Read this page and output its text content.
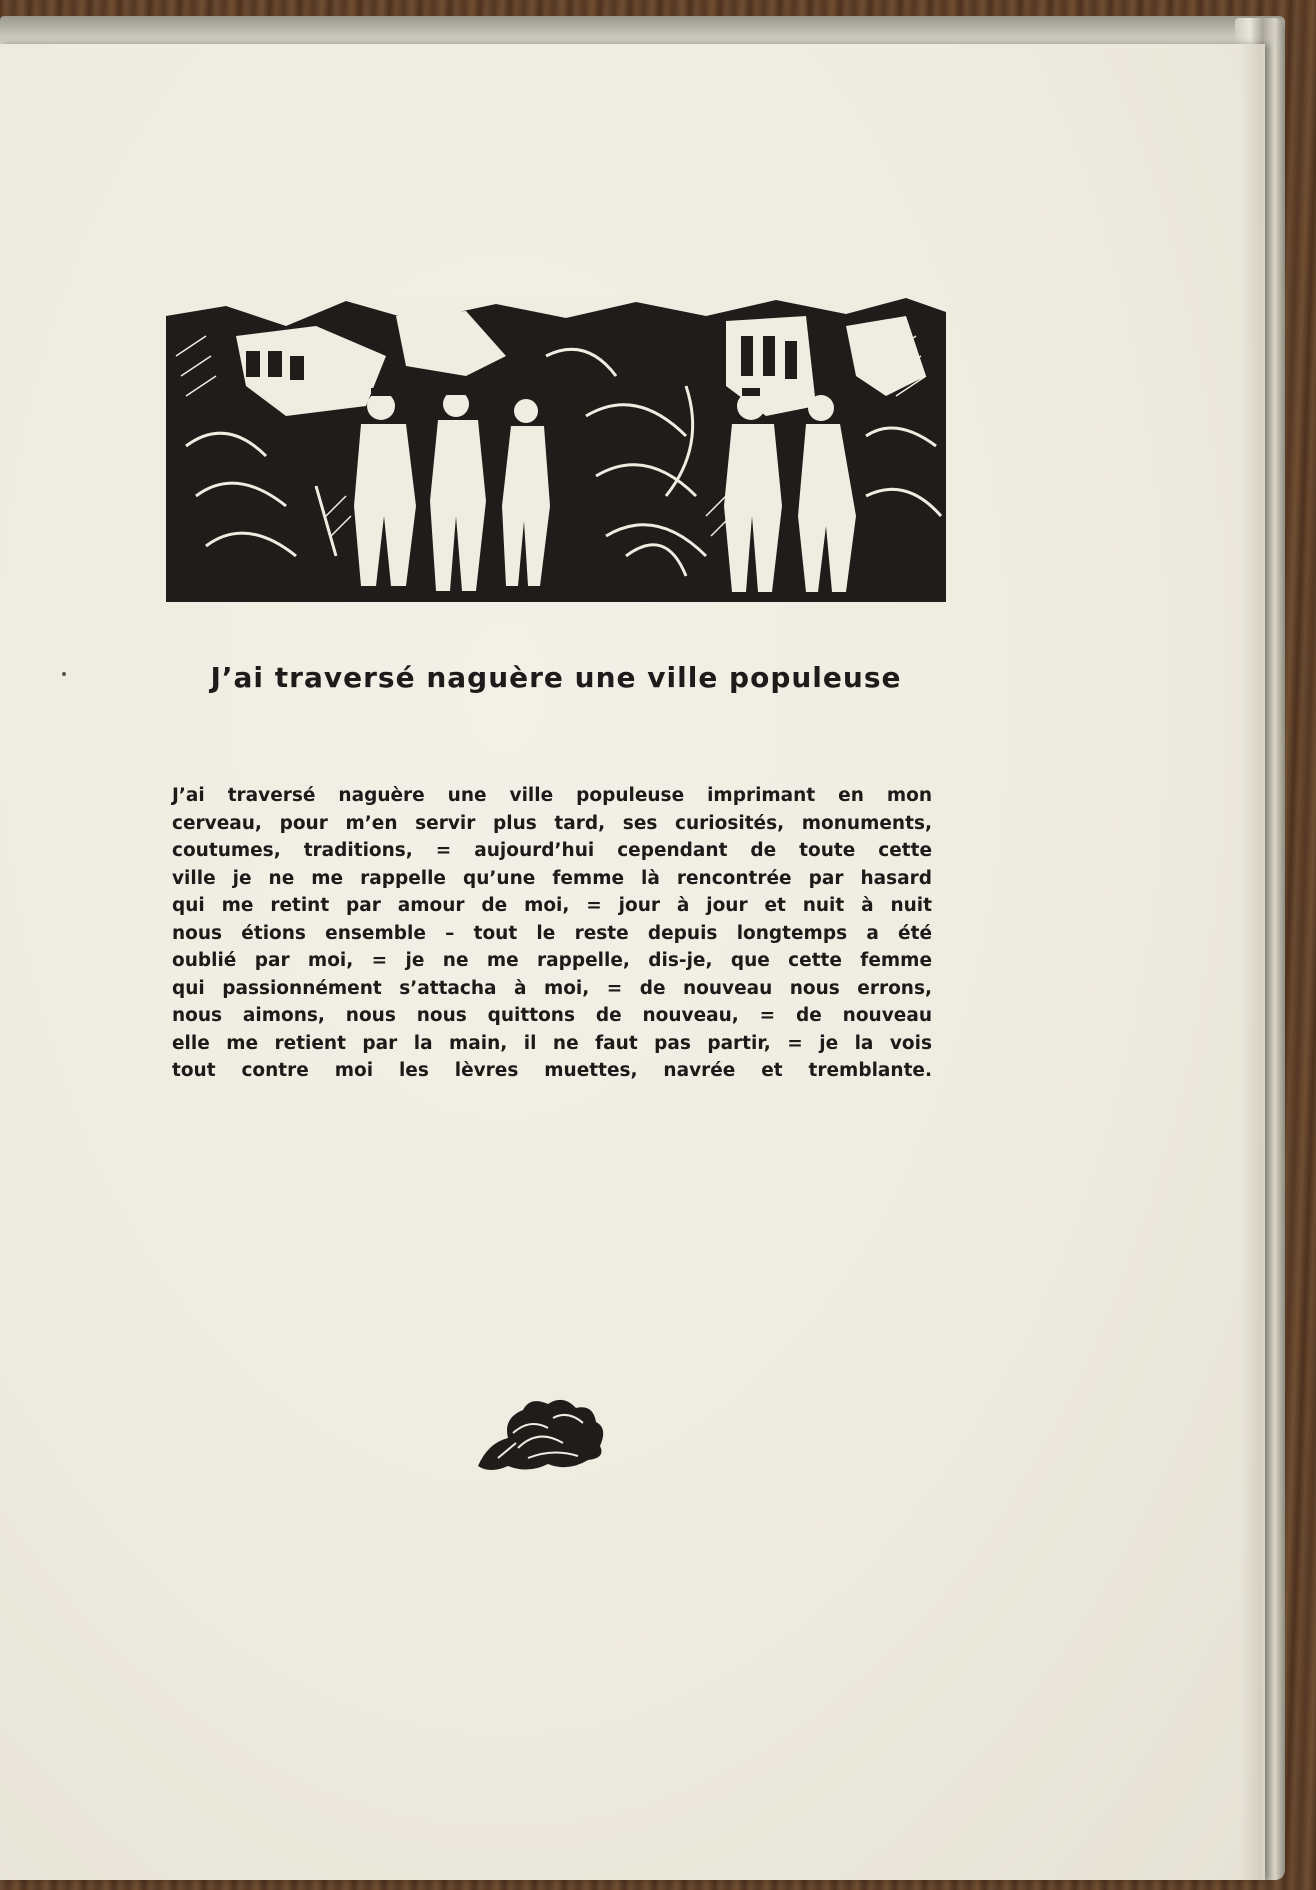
J’ai traversé naguère une ville populeuse
J’ai traversé naguère une ville populeuse imprimant en mon
cerveau, pour m’en servir plus tard, ses curiosités, monuments,
coutumes, traditions, = aujourd’hui cependant de toute cette
ville je ne me rappelle qu’une femme là rencontrée par hasard
qui me retint par amour de moi, = jour à jour et nuit à nuit
nous étions ensemble – tout le reste depuis longtemps a été
oublié par moi, = je ne me rappelle, dis-je, que cette femme
qui passionnément s’attacha à moi, = de nouveau nous errons,
nous aimons, nous nous quittons de nouveau, = de nouveau
elle me retient par la main, il ne faut pas partir, = je la vois
tout contre moi les lèvres muettes, navrée et tremblante.
